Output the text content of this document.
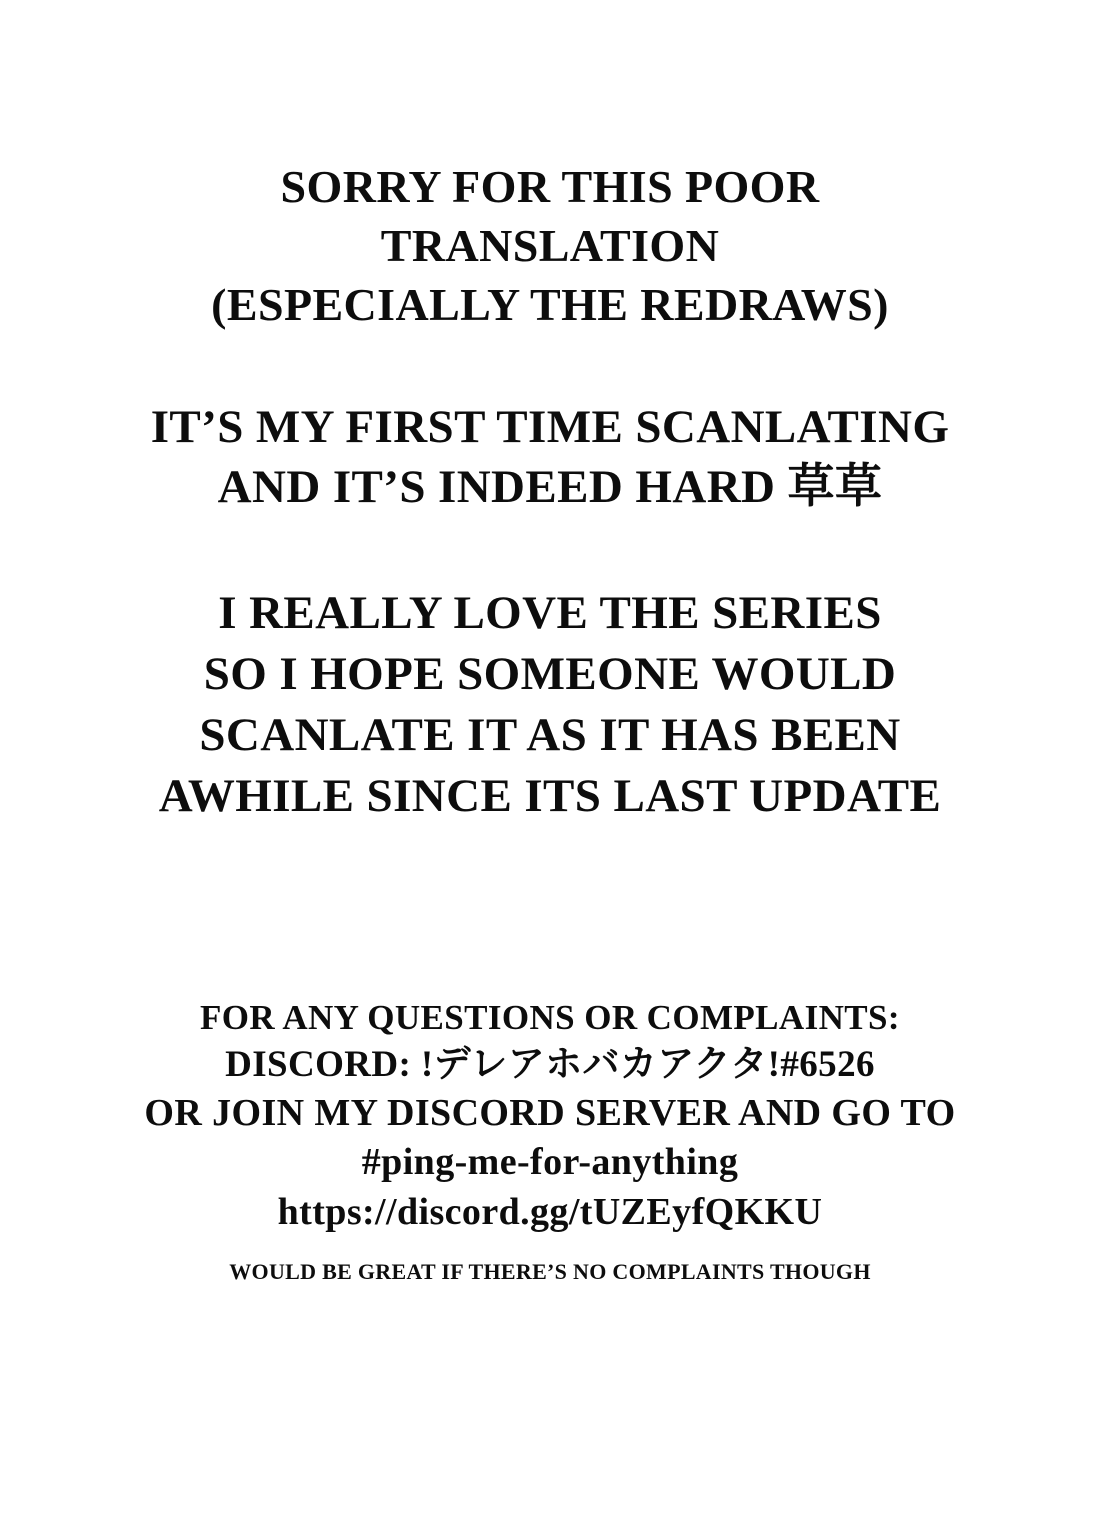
SORRY FOR THIS POOR
TRANSLATION
(ESPECIALLY THE REDRAWS)
IT’S MY FIRST TIME SCANLATING
AND IT’S INDEED HARD 草草
I REALLY LOVE THE SERIES
SO I HOPE SOMEONE WOULD
SCANLATE IT AS IT HAS BEEN
AWHILE SINCE ITS LAST UPDATE
FOR ANY QUESTIONS OR COMPLAINTS:
DISCORD: !デレアホバカアクタ!#6526
OR JOIN MY DISCORD SERVER AND GO TO
#ping-me-for-anything
https://discord.gg/tUZEyfQKKU
WOULD BE GREAT IF THERE’S NO COMPLAINTS THOUGH
